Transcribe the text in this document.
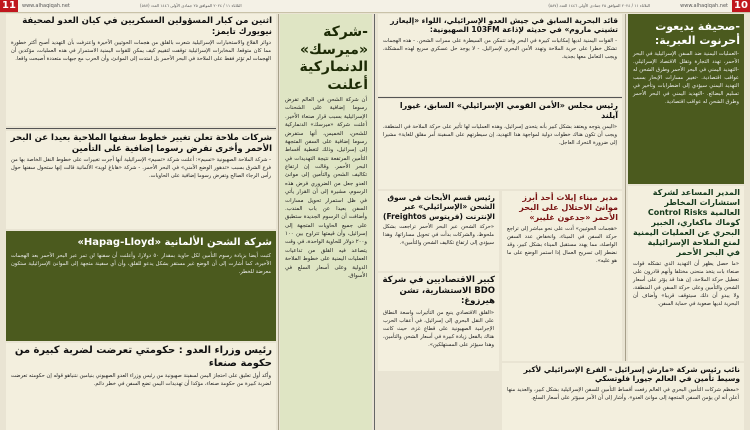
11	www.alhaqiqah.net	الثلاثاء ١١ / ٢٠٢٤ الموافق ٢٥ جمادى الأولى ١٤٤٦ العدد (٥٨٧)	الثلاثاء ١١ / ٢٠٢٤ الموافق ٢٥ جمادى الأولى ١٤٤٦ العدد (٥٨٧)	www.alhaqiqah.net 10
-شركة «ميرسك» الدنماركية أعلنت
أن شركة الشحن في العالم تفرض رسوما إضافية على الشحنات الإسرائيلية بسبب قرار صنعاء الأخير. أعلنت شركة «ميرسك» الدنماركية للشحن، الخميس، أنها ستفرض رسوما إضافية على السفن المتجهة إلى إسرائيل، وذلك لتغطية أقساط التأمين المرتفعة نتيجة التهديدات في البحر الأحمر. وقالت إن ارتفاع تكاليف الشحن والتأمين إلى موانئ العدو جعل من الضروري فرض هذه الرسوم، مشيرة إلى أن القرار يأتي في ظل استمرار تحويل مسارات السفن بعيدا عن باب المندب. وأضافت أن الرسوم الجديدة ستطبق على جميع الحاويات المتجهة إلى إسرائيل، وأن قيمتها تتراوح بين ١٠٠ و٢٠٠ دولار للحاوية الواحدة، في وقت يتصاعد فيه القلق من تداعيات العمليات اليمنية على خطوط الملاحة الدولية وعلى أسعار السلع في الأسواق.
اثنين من كبار المسؤولين العسكريين في كيان العدو لصحيفة نيويورك تايمز:
دوائر القلاع والاستخبارات الإسرائيلية شعرت بالقلق من هجمات الحوثيين الأخيرة واعترفت بأن التهديد أصبح أكثر خطورة مما كان متوقعا. المخابرات الإسرائيلية توقفت لتقييم كيف يمكن للقوات اليمنية الاستمرار في هذه العمليات، مؤكدين أن الهجمات لم تؤثر فقط على الملاحة في البحر الأحمر بل امتدت إلى الموانئ، وأن الحرب مع جبهات متعددة أصبحت واقعا.
شركات ملاحة تعلن تغيير خطوط سفنها الملاحية بعيدا عن البحر الأحمر وأخرى تفرض رسوما إضافية على التأمين
- شركة الملاحة الصهيونية «تسيم»: أعلنت شركة «تسيم» الإسرائيلية أنها أجرت تغييرات على خطوط النقل الخاصة بها من فرع الشرق بسبب «تدهور الوضع الأمني» في البحر الأحمر. - شركة «هاباغ لويد» الألمانية قالت إنها ستحول سفنها حول رأس الرجاء الصالح وتفرض رسوما إضافية على الحاويات.
شركة الشحن الألمانية «Hapag-Lloyd»
كتبت أيضا بزيادة رسوم التأمين لكل حاوية بمقدار ٥٠ دولارا، وأعلنت أن سفنها لن تمر عبر البحر الأحمر بعد الهجمات الأخيرة، كما أشارت إلى أن الوضع غير مستقر بشكل يدعو للقلق، وأن أي سفينة متجهة إلى الموانئ الإسرائيلية ستكون معرضة للخطر.
رئيس وزراء العدو : حكومتي تعرضت لضربة كبيرة من حكومة صنعاء
وأكد أول تعليق على احتجاز اليمن لسفينة صهيونية من رئيس وزراء العدو الصهيوني بنيامين نتنياهو قوله إن حكومته تعرضت لضربة كبيرة من حكومة صنعاء، مؤكدا أن تهديدات اليمن تضع السفن في خطر دائم.
-صحيفة يديعوت أحرنوت العبرية:
-العمليات اليمنية ضد السفن الإسرائيلية في البحر الأحمر، تهدد التجارة وتقلل الاقتصاد الإسرائيلي. -التهديد اليمني في البحر الأحمر وطرق الشحن له عواقب اقتصادية. -تغيير مسارات الإبحار بسبب التهديد اليمني سيؤدي إلى اضطرابات وتأخير في تسليم البضائع. -التهديد اليمني في البحر الأحمر وطرق الشحن له عواقب اقتصادية.
المدير المساعد لشركة استشارات المخاطر العالمية Control Risks كوماك ماكغاري، الخبير البحري عن العمليات اليمنية لمنع الملاحة الإسرائيلية في البحر الأحمر
«ما حصل يظهر أن التهديد الذي تشكله قوات صنعاء بات يتخذ منحنى مختلفا وأنهم قادرون على تعطيل حركة الملاحة، إن هذا قد يؤثر على أسعار الشحن والتأمين وعلى حركة السفن في المنطقة، ولا يبدو أن ذلك سيتوقف قريبا» وأضاف أن البحرية لديها صعوبة في حماية السفن.
قائد البحرية السابق في جيش العدو الإسرائيلي، اللواء «إليعازر تشيني ماروم» في حديثه لإذاعة 103FM الصهيونية:
- القوات اليمنية لديها إمكانيات كبيرة في البحر وقد تتمكن من السيطرة على ممرات الشحن. - هذه الهجمات تشكل خطرا على حرية الملاحة وتهدد الأمن البحري لإسرائيل. - لا يوجد حل عسكري سريع لهذه المشكلة، ويجب التعامل معها بجدية.
رئيس مجلس «الأمن القومي الإسرائيلي» السابق، غيورا آيلند
«اليمن يتوجه ويعتقد بشكل كبير بأنه يتحدى إسرائيل، وهذه العمليات لها تأثير على حركة الملاحة في المنطقة، ويجب أن تكون هناك خطوات دولية لمواجهة هذا التهديد، إن سيطرتهم على السفينة أمر مقلق للغاية» مشيرا إلى ضرورة التحرك العاجل.
مدير ميناء إيلات أحد أبرز موانئ الاحتلال على البحر الأحمر «جدعون غليبر»
«هجمات الحوثيين» أدت على نحو مباشر إلى تراجع حركة السفن في الميناء، وانخفاض عدد السفن الواصلة، مما يهدد مستقبل الميناء بشكل كبير، وقد نضطر إلى تسريح العمال إذا استمر الوضع على ما هو عليه».
رئيس قسم الأبحاث في سوق الشحن «الإسرائيلي» عبر الإنترنت (فريتوس Freightos)
«حركة الشحن عبر البحر الأحمر تراجعت بشكل ملحوظ، والشركات بدأت في تحويل مساراتها، وهذا سيؤدي إلى ارتفاع تكاليف الشحن والتأمين».
كبير الاقتصاديين في شركة BDO الاستشارية، تشن هيرزوغ:
«القلق الاقتصادي ينبع من التأثيرات واسعة النطاق على النقل البحري إلى إسرائيل، في أعقاب الحرب الإجرامية الصهيونية على قطاع غزة، حيث كانت هناك بالفعل زيادة كبيرة في أسعار الشحن والتأمين، وهذا سيؤثر على المستهلكين».
نائب رئيس شركة «مارش إسرائيل - الفرع الإسرائيلي لأكبر وسيط تأمين في العالم جيورا فلوتسكي
«معظم شركات التأمين البحري في العالم رفعت أقساط التأمين للسفن الإسرائيلية بشكل كبير، والعديد منها أعلن أنه لن يؤمن السفن المتجهة إلى موانئ العدو». وأشار إلى أن الأمر سيؤثر على أسعار السلع.
